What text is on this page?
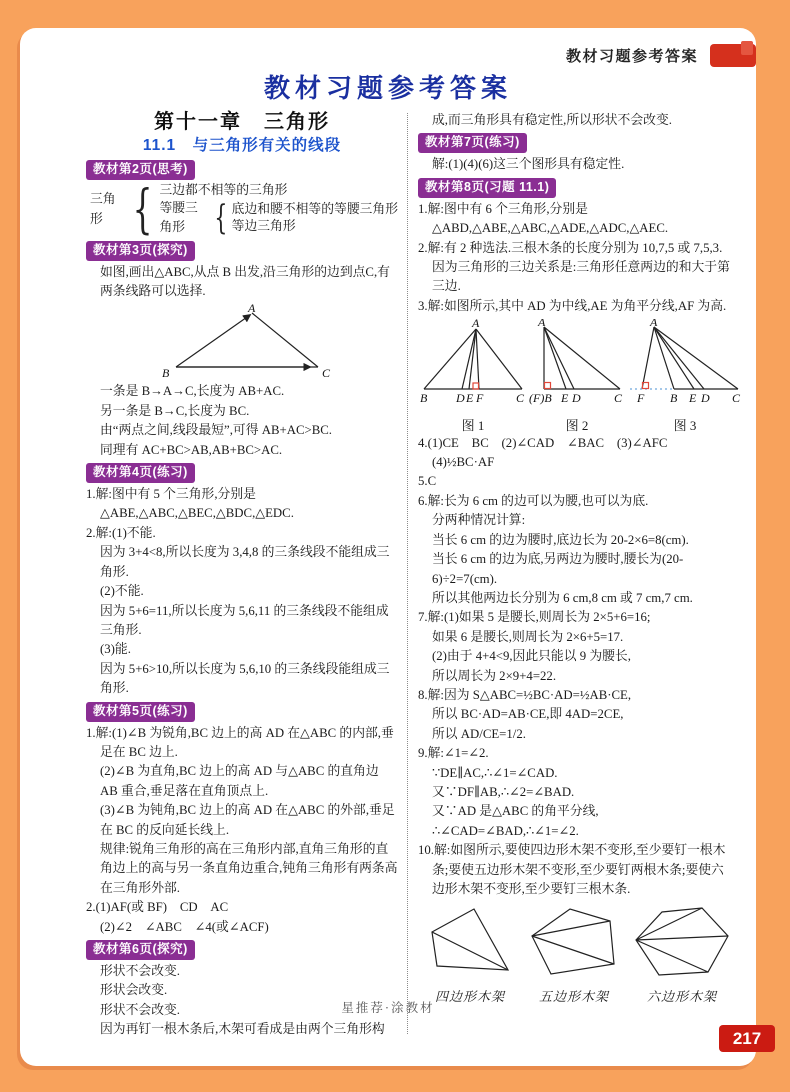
教材习题参考答案
教材习题参考答案
第十一章　三角形
11.1　与三角形有关的线段
教材第2页(思考)
三角形 { 三边都不相等的三角形
等腰三角形 { 底边和腰不相等的等腰三角形
等边三角形
教材第3页(探究)

如图,画出△ABC,从点 B 出发,沿三角形的边到点C,有两条线路可以选择.

A
B	C

一条是 B→A→C,长度为 AB+AC.

另一条是 B→C,长度为 BC.

由“两点之间,线段最短”,可得 AB+AC>BC.

同理有 AC+BC>AB,AB+BC>AC.

教材第4页(练习)

1.解:图中有 5 个三角形,分别是△ABE,△ABC,△BEC,△BDC,△EDC.

2.解:(1)不能.

因为 3+4<8,所以长度为 3,4,8 的三条线段不能组成三角形.

(2)不能.

因为 5+6=11,所以长度为 5,6,11 的三条线段不能组成三角形.

(3)能.

因为 5+6>10,所以长度为 5,6,10 的三条线段能组成三角形.

教材第5页(练习)

1.解:(1)∠B 为锐角,BC 边上的高 AD 在△ABC 的内部,垂足在 BC 边上.

(2)∠B 为直角,BC 边上的高 AD 与△ABC 的直角边 AB 重合,垂足落在直角顶点上.

(3)∠B 为钝角,BC 边上的高 AD 在△ABC 的外部,垂足在 BC 的反向延长线上.

规律:锐角三角形的高在三角形内部,直角三角形的直角边上的高与另一条直角边重合,钝角三角形有两条高在三角形外部.

2.(1)AF(或 BF)　CD　AC

(2)∠2　∠ABC　∠4(或∠ACF)

教材第6页(探究)

形状不会改变.

形状会改变.

形状不会改变.

因为再钉一根木条后,木架可看成是由两个三角形构

成,而三角形具有稳定性,所以形状不会改变.

教材第7页(练习)

解:(1)(4)(6)这三个图形具有稳定性.

教材第8页(习题 11.1)

1.解:图中有 6 个三角形,分别是△ABD,△ABE,△ABC,△ADE,△ADC,△AEC.

2.解:有 2 种选法.三根木条的长度分别为 10,7,5 或 7,5,3.

因为三角形的三边关系是:三角形任意两边的和大于第三边.

3.解:如图所示,其中 AD 为中线,AE 为角平分线,AF 为高.

A
B D E F	C
图 1
A
(F)B E D	C
图 2
A
F B E D C
图 3

4.(1)CE　BC　(2)∠CAD　∠BAC　(3)∠AFC

(4)½BC·AF

5.C

6.解:长为 6 cm 的边可以为腰,也可以为底.

分两种情况计算:

当长 6 cm 的边为腰时,底边长为 20-2×6=8(cm).

当长 6 cm 的边为底,另两边为腰时,腰长为(20-6)÷2=7(cm).

所以其他两边长分别为 6 cm,8 cm 或 7 cm,7 cm.

7.解:(1)如果 5 是腰长,则周长为 2×5+6=16;

如果 6 是腰长,则周长为 2×6+5=17.

(2)由于 4+4<9,因此只能以 9 为腰长,

所以周长为 2×9+4=22.

8.解:因为 S△ABC=½BC·AD=½AB·CE,

所以 BC·AD=AB·CE,即 4AD=2CE,

所以 AD/CE=1/2.

9.解:∠1=∠2.

∵DE∥AC,∴∠1=∠CAD.

又∵DF∥AB,∴∠2=∠BAD.

又∵AD 是△ABC 的角平分线,

∴∠CAD=∠BAD,∴∠1=∠2.

10.解:如图所示,要使四边形木架不变形,至少要钉一根木条;要使五边形木架不变形,至少要钉两根木条;要使六边形木架不变形,至少要钉三根木条.

四边形木架	五边形木架	六边形木架
星推荐·涂教材
217
